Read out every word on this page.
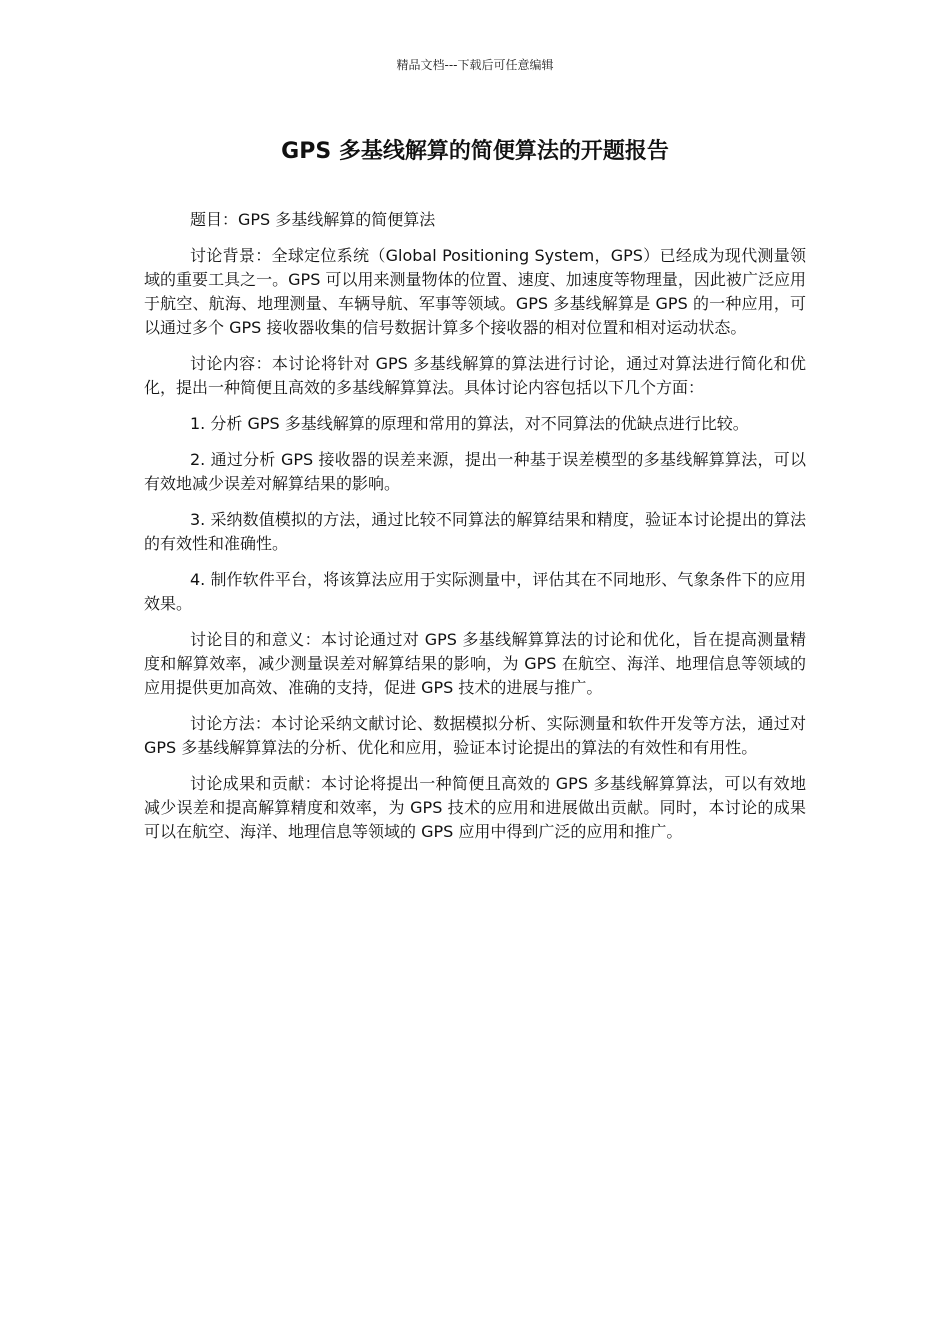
精品文档---下载后可任意编辑
GPS 多基线解算的简便算法的开题报告

题目：GPS 多基线解算的简便算法

讨论背景：全球定位系统（Global Positioning System，GPS）已经成为现代测量领域的重要工具之一。GPS 可以用来测量物体的位置、速度、加速度等物理量，因此被广泛应用于航空、航海、地理测量、车辆导航、军事等领域。GPS 多基线解算是 GPS 的一种应用，可以通过多个 GPS 接收器收集的信号数据计算多个接收器的相对位置和相对运动状态。

讨论内容：本讨论将针对 GPS 多基线解算的算法进行讨论，通过对算法进行简化和优化，提出一种简便且高效的多基线解算算法。具体讨论内容包括以下几个方面：

1. 分析 GPS 多基线解算的原理和常用的算法，对不同算法的优缺点进行比较。

2. 通过分析 GPS 接收器的误差来源，提出一种基于误差模型的多基线解算算法，可以有效地减少误差对解算结果的影响。

3. 采纳数值模拟的方法，通过比较不同算法的解算结果和精度，验证本讨论提出的算法的有效性和准确性。

4. 制作软件平台，将该算法应用于实际测量中，评估其在不同地形、气象条件下的应用效果。

讨论目的和意义：本讨论通过对 GPS 多基线解算算法的讨论和优化，旨在提高测量精度和解算效率，减少测量误差对解算结果的影响，为 GPS 在航空、海洋、地理信息等领域的应用提供更加高效、准确的支持，促进 GPS 技术的进展与推广。

讨论方法：本讨论采纳文献讨论、数据模拟分析、实际测量和软件开发等方法，通过对 GPS 多基线解算算法的分析、优化和应用，验证本讨论提出的算法的有效性和有用性。

讨论成果和贡献：本讨论将提出一种简便且高效的 GPS 多基线解算算法，可以有效地减少误差和提高解算精度和效率，为 GPS 技术的应用和进展做出贡献。同时，本讨论的成果可以在航空、海洋、地理信息等领域的 GPS 应用中得到广泛的应用和推广。
